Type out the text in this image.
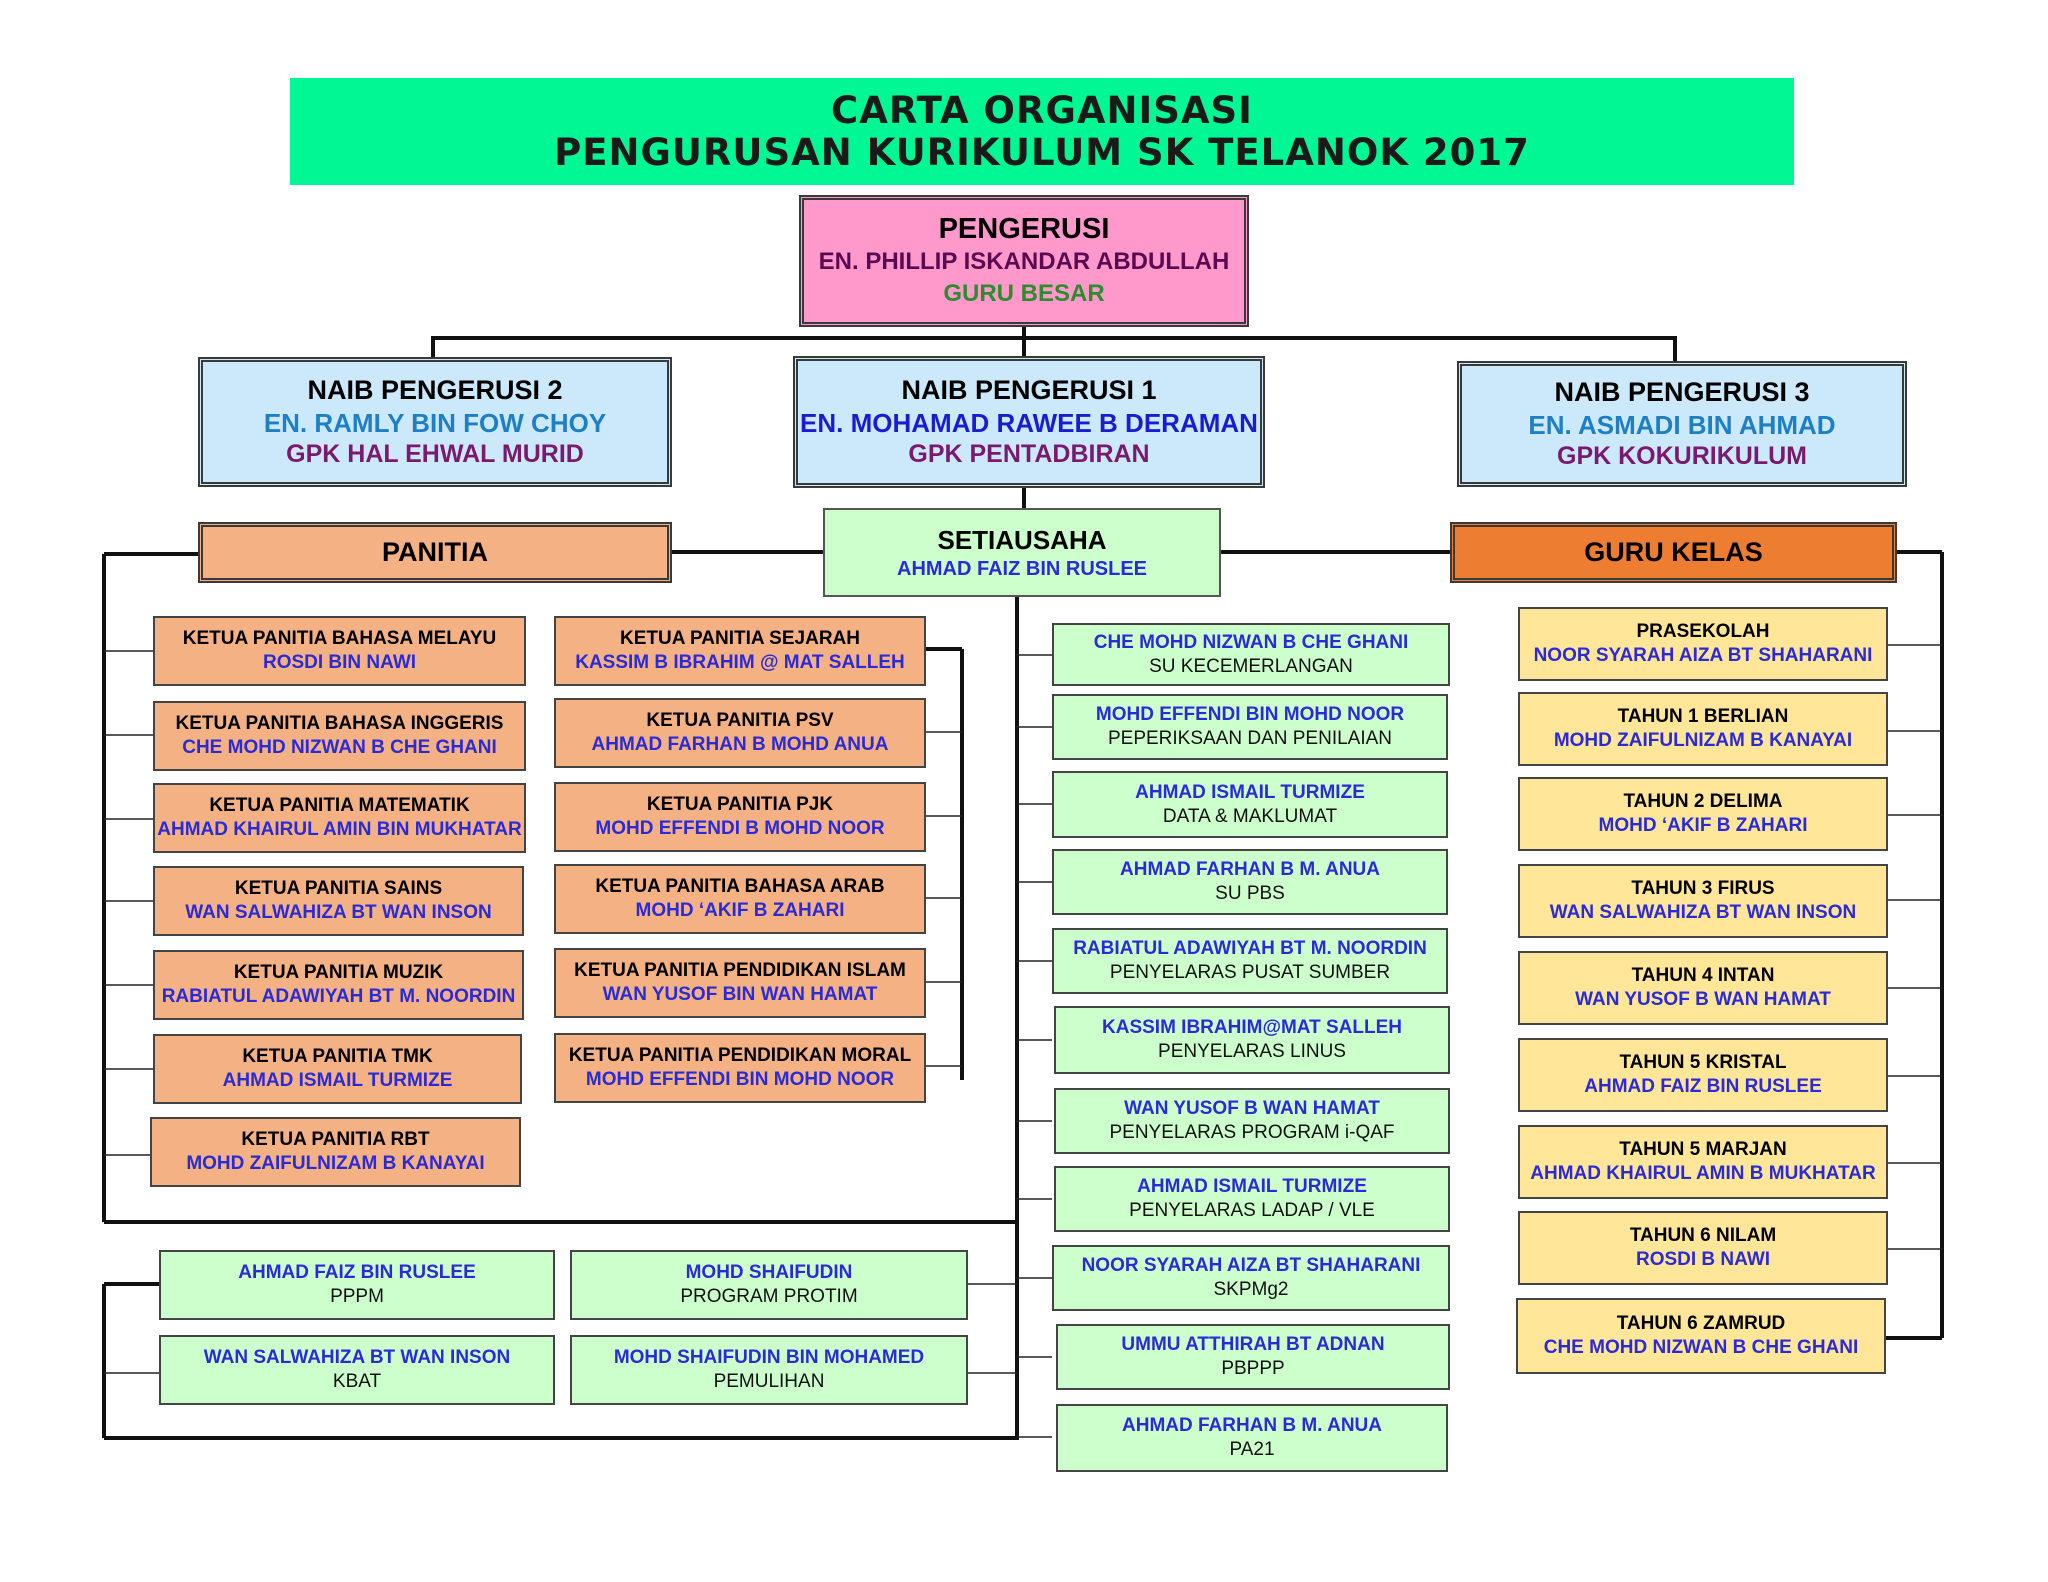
CARTA ORGANISASI
PENGURUSAN KURIKULUM SK TELANOK 2017
PENGERUSI
EN. PHILLIP ISKANDAR ABDULLAH
GURU BESAR
NAIB PENGERUSI 2
EN. RAMLY BIN FOW CHOY
GPK HAL EHWAL MURID
NAIB PENGERUSI 1
EN. MOHAMAD RAWEE B DERAMAN
GPK PENTADBIRAN
NAIB PENGERUSI 3
EN. ASMADI BIN AHMAD
GPK KOKURIKULUM
SETIAUSAHA
AHMAD FAIZ BIN RUSLEE
PANITIA	GURU KELAS
KETUA PANITIA BAHASA MELAYU
ROSDI BIN NAWI
KETUA PANITIA BAHASA INGGERIS
CHE MOHD NIZWAN B CHE GHANI
KETUA PANITIA MATEMATIK
AHMAD KHAIRUL AMIN BIN MUKHATAR
KETUA PANITIA SAINS
WAN SALWAHIZA BT WAN INSON
KETUA PANITIA MUZIK
RABIATUL ADAWIYAH BT M. NOORDIN
KETUA PANITIA TMK
AHMAD ISMAIL TURMIZE
KETUA PANITIA RBT
MOHD ZAIFULNIZAM B KANAYAI
KETUA PANITIA SEJARAH
KASSIM B IBRAHIM @ MAT SALLEH
KETUA PANITIA PSV
AHMAD FARHAN B MOHD ANUA
KETUA PANITIA PJK
MOHD EFFENDI B MOHD NOOR
KETUA PANITIA BAHASA ARAB
MOHD ‘AKIF B ZAHARI
KETUA PANITIA PENDIDIKAN ISLAM
WAN YUSOF BIN WAN HAMAT
KETUA PANITIA PENDIDIKAN MORAL
MOHD EFFENDI BIN MOHD NOOR
AHMAD FAIZ BIN RUSLEE
PPPM
MOHD SHAIFUDIN
PROGRAM PROTIM
WAN SALWAHIZA BT WAN INSON
KBAT
MOHD SHAIFUDIN BIN MOHAMED
PEMULIHAN
CHE MOHD NIZWAN B CHE GHANI
SU KECEMERLANGAN
MOHD EFFENDI BIN MOHD NOOR
PEPERIKSAAN DAN PENILAIAN
AHMAD ISMAIL TURMIZE
DATA & MAKLUMAT
AHMAD FARHAN B M. ANUA
SU PBS
RABIATUL ADAWIYAH BT M. NOORDIN
PENYELARAS PUSAT SUMBER
KASSIM IBRAHIM@MAT SALLEH
PENYELARAS LINUS
WAN YUSOF B WAN HAMAT
PENYELARAS PROGRAM i-QAF
AHMAD ISMAIL TURMIZE
PENYELARAS LADAP / VLE
NOOR SYARAH AIZA BT SHAHARANI
SKPMg2
UMMU ATTHIRAH BT ADNAN
PBPPP
AHMAD FARHAN B M. ANUA
PA21
PRASEKOLAH
NOOR SYARAH AIZA BT SHAHARANI
TAHUN 1 BERLIAN
MOHD ZAIFULNIZAM B KANAYAI
TAHUN 2 DELIMA
MOHD ‘AKIF B ZAHARI
TAHUN 3 FIRUS
WAN SALWAHIZA BT WAN INSON
TAHUN 4 INTAN
WAN YUSOF B WAN HAMAT
TAHUN 5 KRISTAL
AHMAD FAIZ BIN RUSLEE
TAHUN 5 MARJAN
AHMAD KHAIRUL AMIN B MUKHATAR
TAHUN 6 NILAM
ROSDI B NAWI
TAHUN 6 ZAMRUD
CHE MOHD NIZWAN B CHE GHANI
